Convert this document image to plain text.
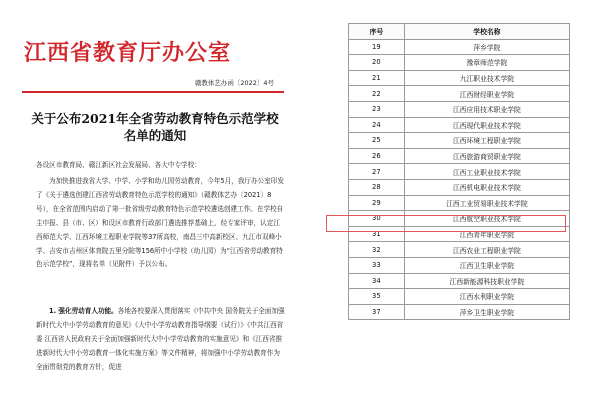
江西省教育厅办公室
赣教体艺办函〔2022〕4号
关于公布2021年全省劳动教育特色示范学校名单的通知
各设区市教育局、赣江新区社会发展局、各大中专学校：
为加快推进我省大学、中学、小学和幼儿园劳动教育，今年5月，我厅办公室印发了《关于遴选创建江西省劳动教育特色示范学校的通知》（赣教体艺办〔2021〕8号），在全省范围内启动了第一批省级劳动教育特色示范学校遴选创建工作。在学校自主申报、县（市、区）和设区市教育行政部门遴选推荐基础上，经专家评审，认定江西师范大学、江西环境工程职业学院等37所高校，南昌三中高新校区、九江市双峰小学、吉安市吉州区体育院五里分院等156所中小学校（幼儿园）为“江西省劳动教育特色示范学校”，现将名单（见附件）予以公布。
1. 强化劳动育人功能。各地各校要深入贯彻落实《中共中央 国务院关于全面加强新时代大中小学劳动教育的意见》《大中小学劳动教育指导纲要（试行）》《中共江西省委 江西省人民政府关于全面加强新时代大中小学劳动教育的实施意见》和《江西省推进新时代大中小劳动教育一体化实施方案》等文件精神，将加强中小学劳动教育作为全面贯彻党的教育方针，促进
序号	学校名称
19	萍乡学院
20	豫章师范学院
21	九江职业技术学院
22	江西财经职业学院
23	江西应用技术职业学院
24	江西现代职业技术学院
25	江西环境工程职业学院
26	江西旅游商贸职业学院
27	江西工业职业技术学院
28	江西机电职业技术学院
29	江西工业贸易职业技术学院
30	江西航空职业技术学院
31	江西青年职业学院
32	江西农业工程职业学院
33	江西卫生职业学院
34	江西新能源科技职业学院
35	江西水利职业学院
37	萍乡卫生职业学院
